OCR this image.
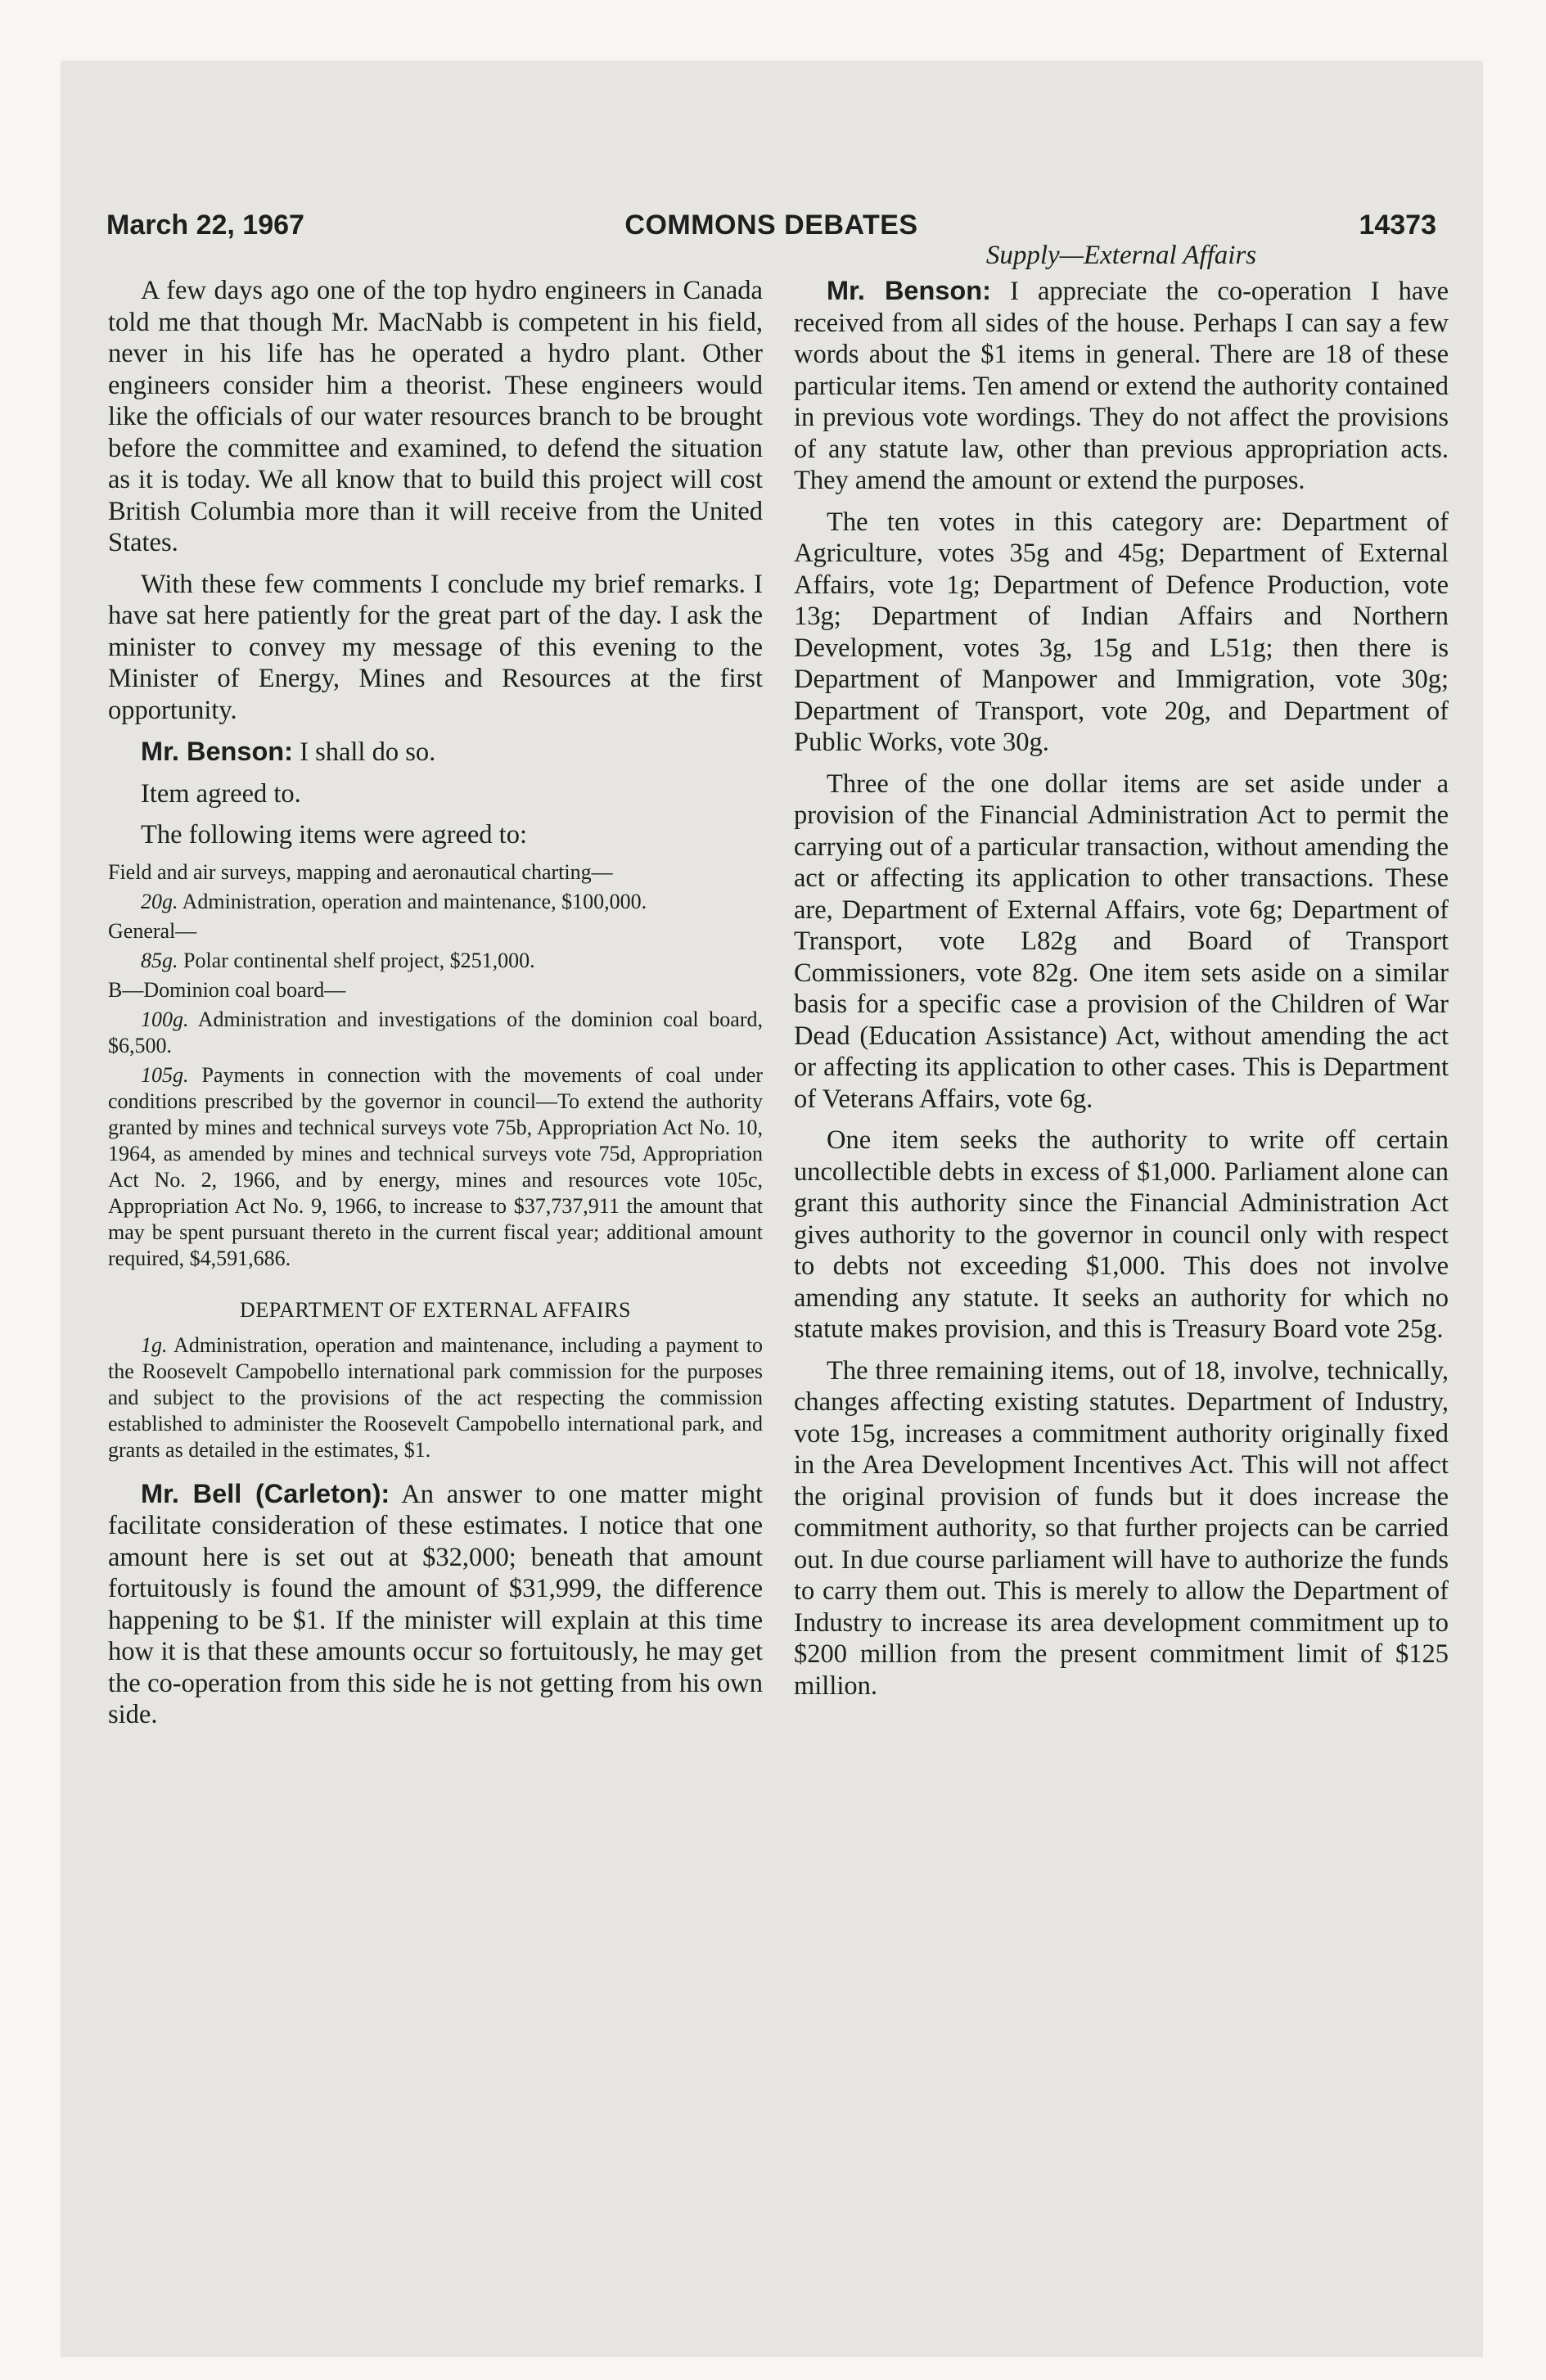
March 22, 1967	COMMONS DEBATES	14373

A few days ago one of the top hydro engineers in Canada told me that though Mr. MacNabb is competent in his field, never in his life has he operated a hydro plant. Other engineers consider him a theorist. These engineers would like the officials of our water resources branch to be brought before the committee and examined, to defend the situation as it is today. We all know that to build this project will cost British Columbia more than it will receive from the United States.

With these few comments I conclude my brief remarks. I have sat here patiently for the great part of the day. I ask the minister to convey my message of this evening to the Minister of Energy, Mines and Resources at the first opportunity.

Mr. Benson: I shall do so.

Item agreed to.

The following items were agreed to:

Field and air surveys, mapping and aeronautical charting—
20g. Administration, operation and maintenance, $100,000.
General—
85g. Polar continental shelf project, $251,000.
B—Dominion coal board—
100g. Administration and investigations of the dominion coal board, $6,500.
105g. Payments in connection with the movements of coal under conditions prescribed by the governor in council—To extend the authority granted by mines and technical surveys vote 75b, Appropriation Act No. 10, 1964, as amended by mines and technical surveys vote 75d, Appropriation Act No. 2, 1966, and by energy, mines and resources vote 105c, Appropriation Act No. 9, 1966, to increase to $37,737,911 the amount that may be spent pursuant thereto in the current fiscal year; additional amount required, $4,591,686.
DEPARTMENT OF EXTERNAL AFFAIRS
1g. Administration, operation and maintenance, including a payment to the Roosevelt Campobello international park commission for the purposes and subject to the provisions of the act respecting the commission established to administer the Roosevelt Campobello international park, and grants as detailed in the estimates, $1.

Mr. Bell (Carleton): An answer to one matter might facilitate consideration of these estimates. I notice that one amount here is set out at $32,000; beneath that amount fortuitously is found the amount of $31,999, the difference happening to be $1. If the minister will explain at this time how it is that these amounts occur so fortuitously, he may get the co-operation from this side he is not getting from his own side.

Supply—External Affairs

Mr. Benson: I appreciate the co-operation I have received from all sides of the house. Perhaps I can say a few words about the $1 items in general. There are 18 of these particular items. Ten amend or extend the authority contained in previous vote wordings. They do not affect the provisions of any statute law, other than previous appropriation acts. They amend the amount or extend the purposes.

The ten votes in this category are: Department of Agriculture, votes 35g and 45g; Department of External Affairs, vote 1g; Department of Defence Production, vote 13g; Department of Indian Affairs and Northern Development, votes 3g, 15g and L51g; then there is Department of Manpower and Immigration, vote 30g; Department of Transport, vote 20g, and Department of Public Works, vote 30g.

Three of the one dollar items are set aside under a provision of the Financial Administration Act to permit the carrying out of a particular transaction, without amending the act or affecting its application to other transactions. These are, Department of External Affairs, vote 6g; Department of Transport, vote L82g and Board of Transport Commissioners, vote 82g. One item sets aside on a similar basis for a specific case a provision of the Children of War Dead (Education Assistance) Act, without amending the act or affecting its application to other cases. This is Department of Veterans Affairs, vote 6g.

One item seeks the authority to write off certain uncollectible debts in excess of $1,000. Parliament alone can grant this authority since the Financial Administration Act gives authority to the governor in council only with respect to debts not exceeding $1,000. This does not involve amending any statute. It seeks an authority for which no statute makes provision, and this is Treasury Board vote 25g.

The three remaining items, out of 18, involve, technically, changes affecting existing statutes. Department of Industry, vote 15g, increases a commitment authority originally fixed in the Area Development Incentives Act. This will not affect the original provision of funds but it does increase the commitment authority, so that further projects can be carried out. In due course parliament will have to authorize the funds to carry them out. This is merely to allow the Department of Industry to increase its area development commitment up to $200 million from the present commitment limit of $125 million.
